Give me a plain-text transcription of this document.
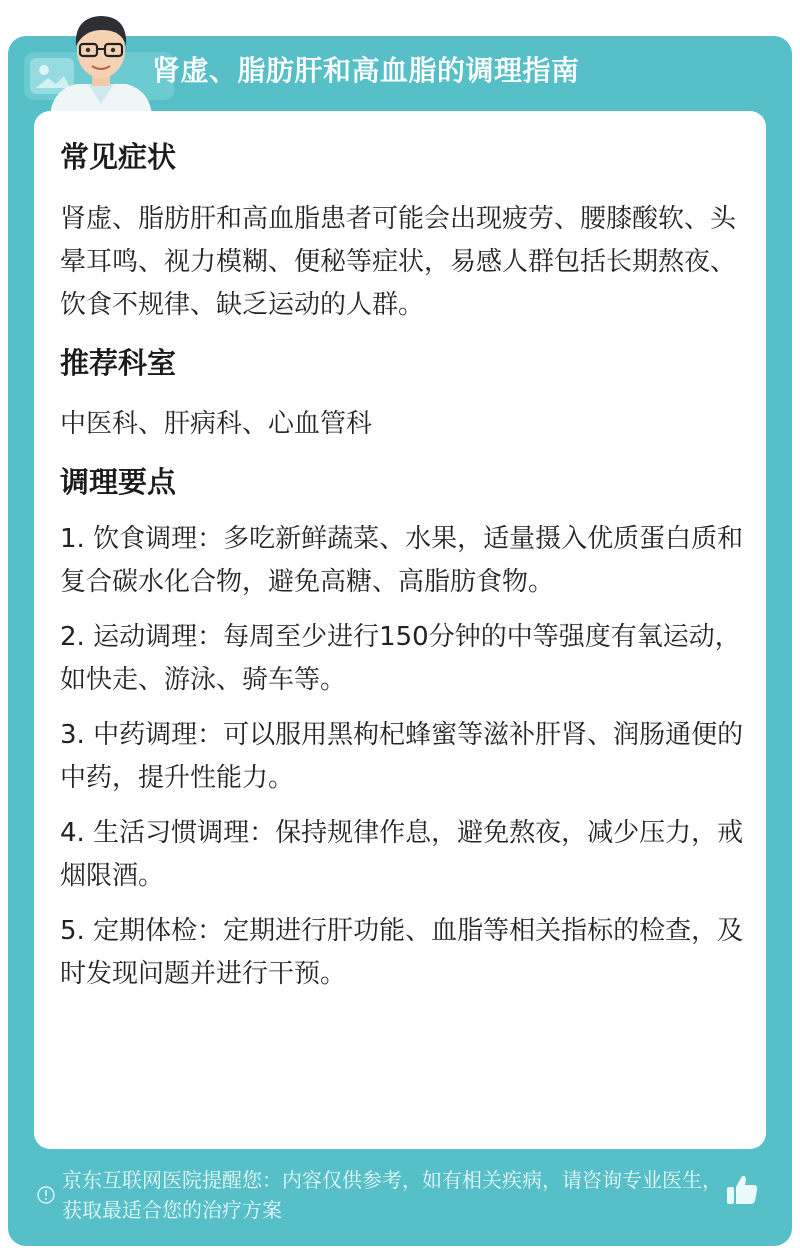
肾虚、脂肪肝和高血脂的调理指南
常见症状

肾虚、脂肪肝和高血脂患者可能会出现疲劳、腰膝酸软、头晕耳鸣、视力模糊、便秘等症状，易感人群包括长期熬夜、饮食不规律、缺乏运动的人群。

推荐科室

中医科、肝病科、心血管科

调理要点

1. 饮食调理：多吃新鲜蔬菜、水果，适量摄入优质蛋白质和复合碳水化合物，避免高糖、高脂肪食物。

2. 运动调理：每周至少进行150分钟的中等强度有氧运动，如快走、游泳、骑车等。

3. 中药调理：可以服用黑枸杞蜂蜜等滋补肝肾、润肠通便的中药，提升性能力。

4. 生活习惯调理：保持规律作息，避免熬夜，减少压力，戒烟限酒。

5. 定期体检：定期进行肝功能、血脂等相关指标的检查，及时发现问题并进行干预。

京东互联网医院提醒您：内容仅供参考，如有相关疾病，请咨询专业医生，获取最适合您的治疗方案
